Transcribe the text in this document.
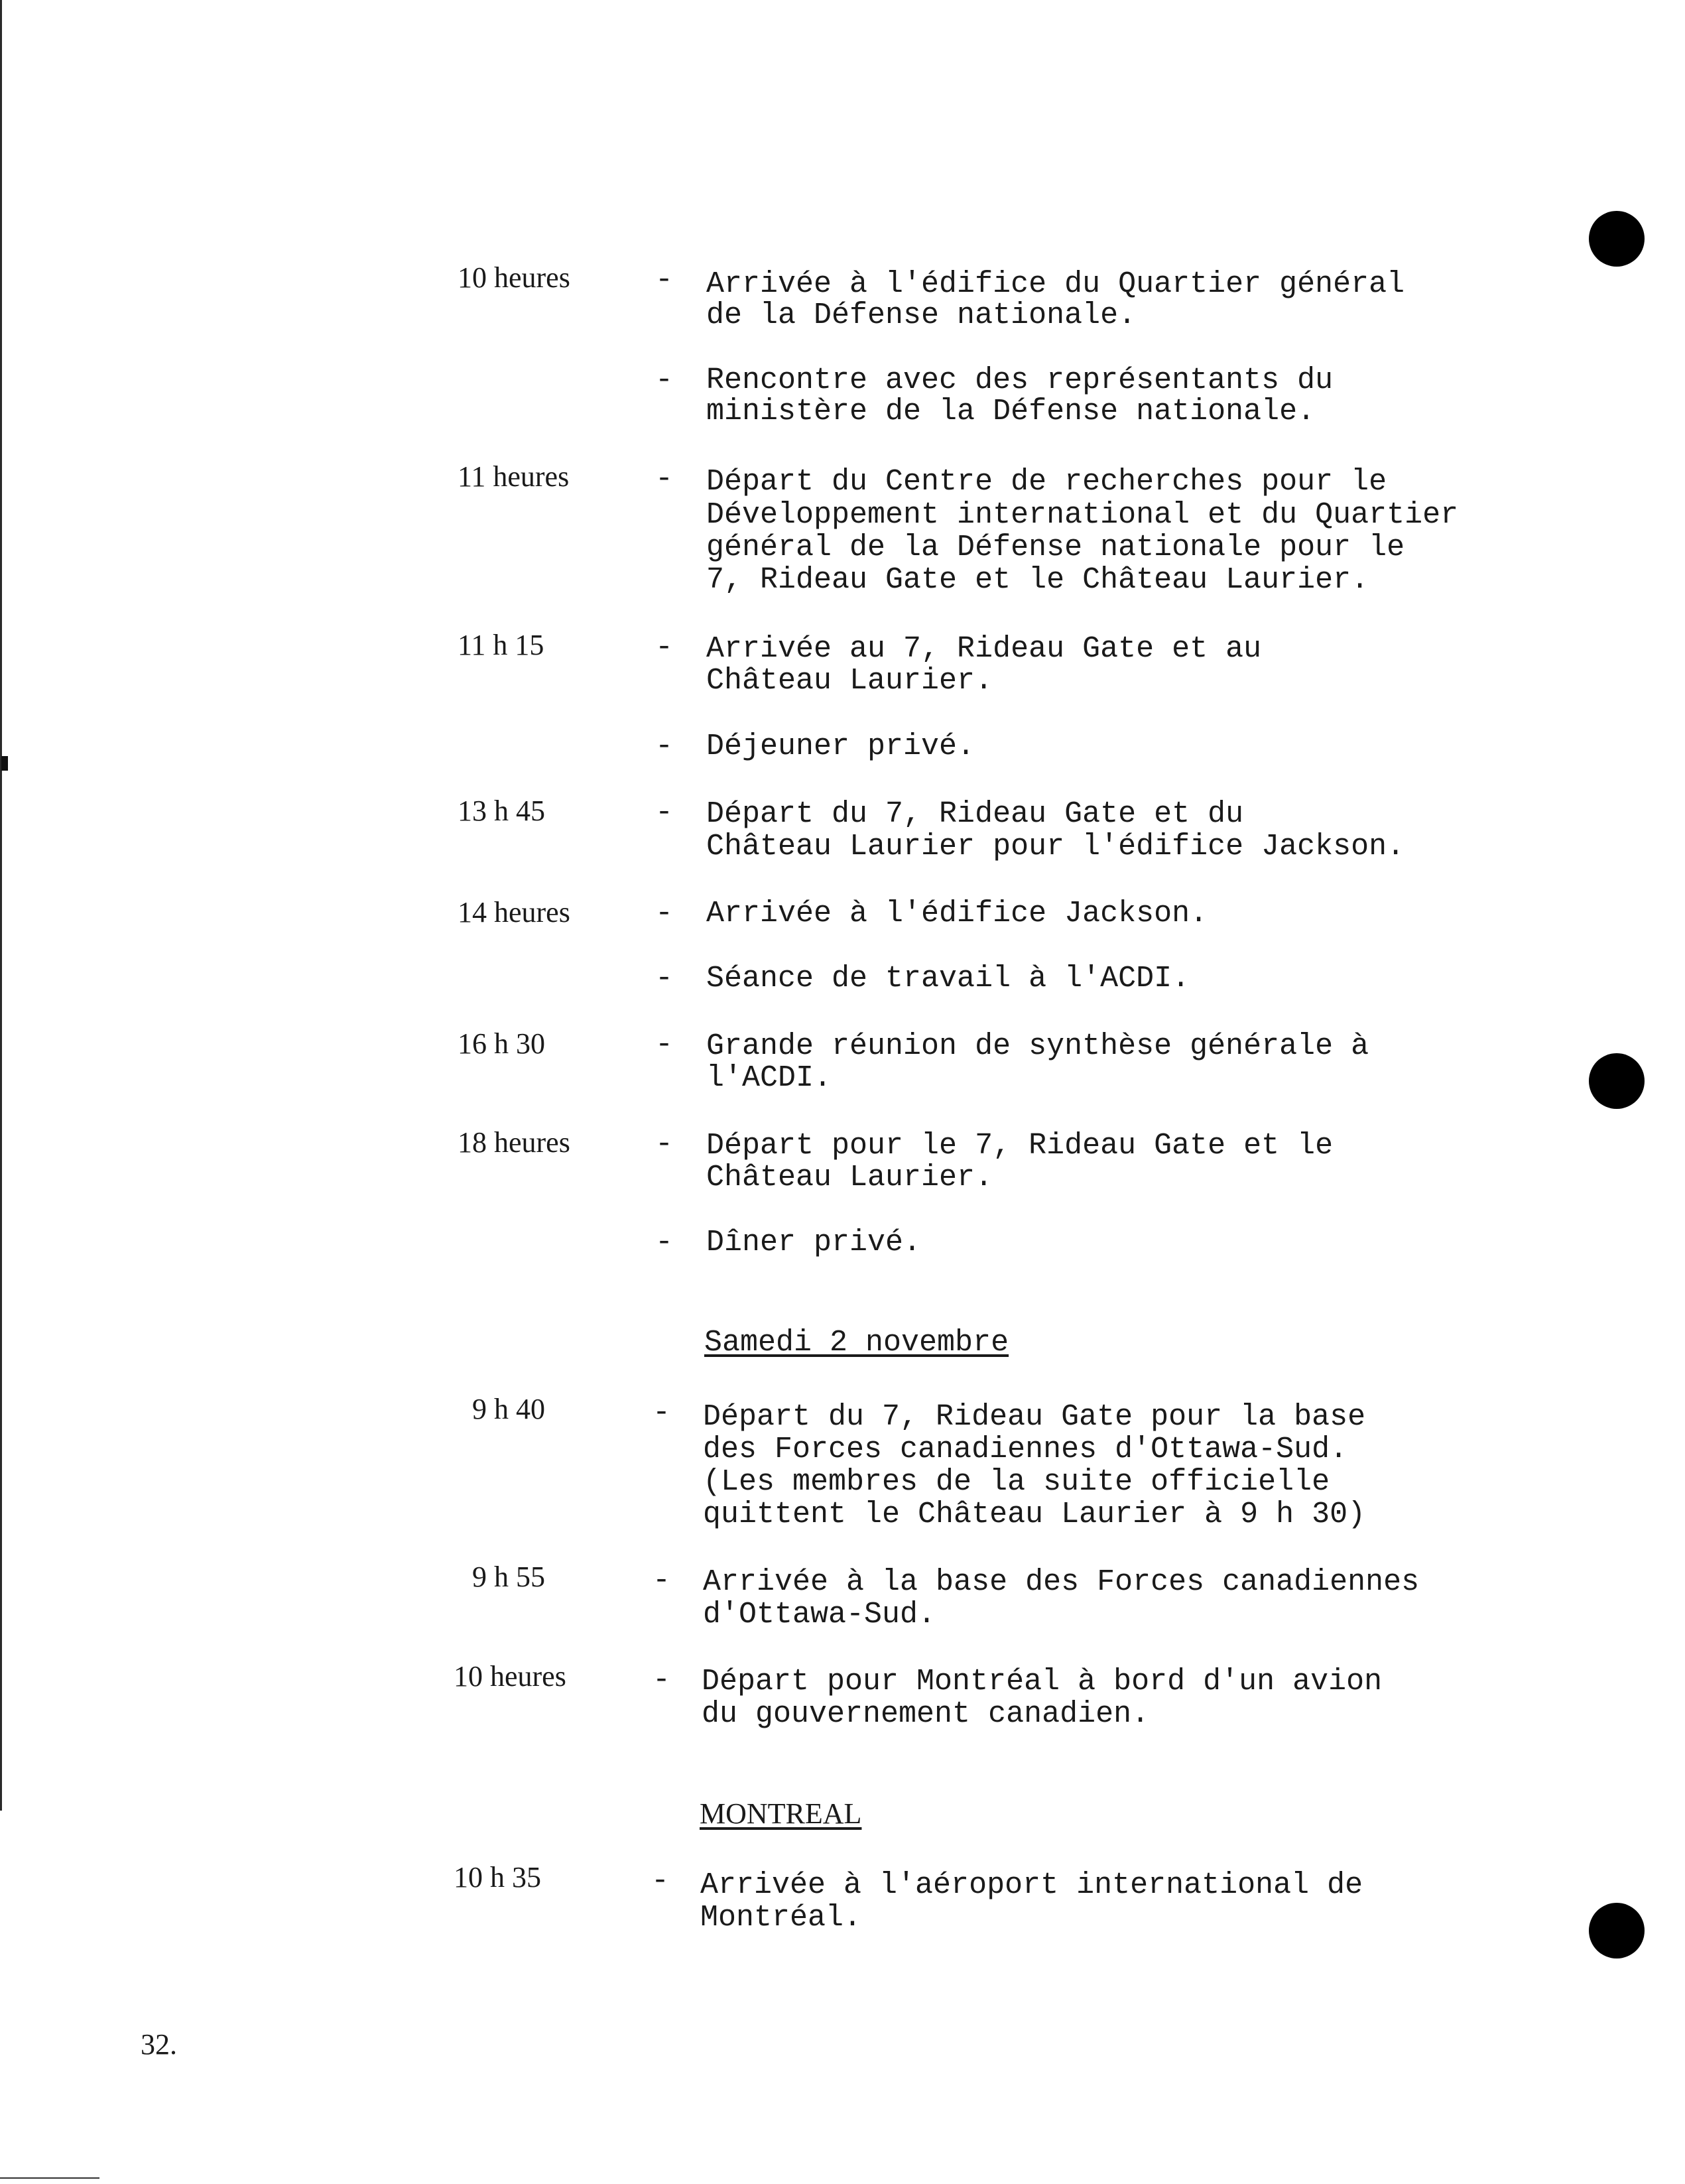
10 heures	- Arrivée à l'édifice du Quartier général
de la Défense nationale.
- Rencontre avec des représentants du
ministère de la Défense nationale.
11 heures	- Départ du Centre de recherches pour le
Développement international et du Quartier
général de la Défense nationale pour le
7, Rideau Gate et le Château Laurier.
11 h 15	- Arrivée au 7, Rideau Gate et au
Château Laurier.
- Déjeuner privé.
13 h 45	- Départ du 7, Rideau Gate et du
Château Laurier pour l'édifice Jackson.
14 heures	- Arrivée à l'édifice Jackson.
- Séance de travail à l'ACDI.
16 h 30	- Grande réunion de synthèse générale à
l'ACDI.
18 heures	- Départ pour le 7, Rideau Gate et le
Château Laurier.
- Dîner privé.
Samedi 2 novembre
9 h 40	- Départ du 7, Rideau Gate pour la base
des Forces canadiennes d'Ottawa-Sud.
(Les membres de la suite officielle
quittent le Château Laurier à 9 h 30)
9 h 55	- Arrivée à la base des Forces canadiennes
d'Ottawa-Sud.
10 heures	- Départ pour Montréal à bord d'un avion
du gouvernement canadien.
MONTREAL
10 h 35	- Arrivée à l'aéroport international de
Montréal.
32.
